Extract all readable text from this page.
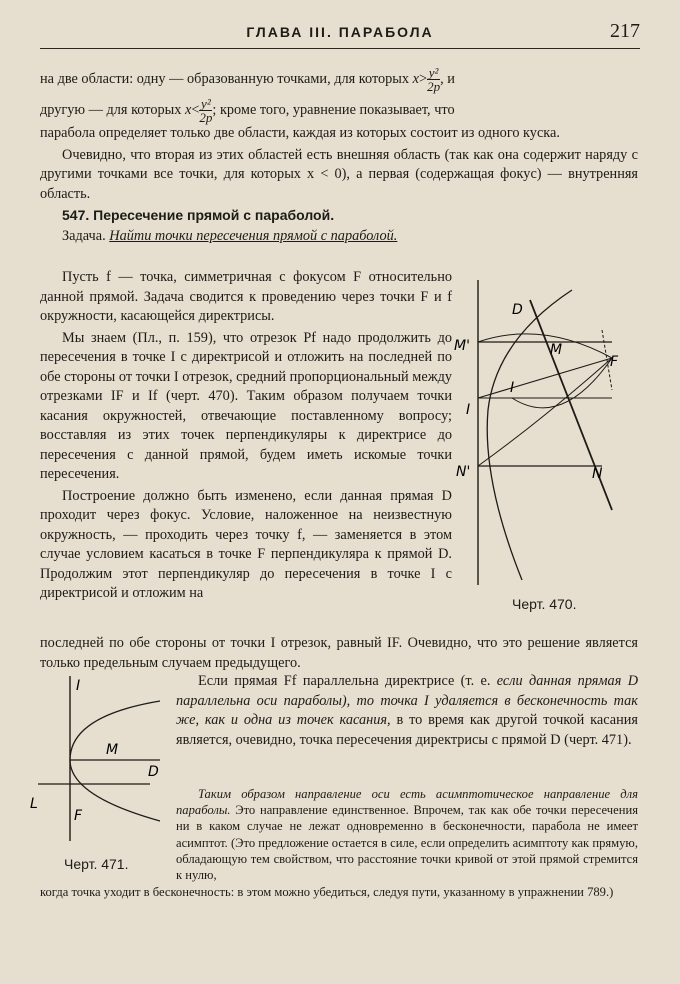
ГЛАВА III. ПАРАБОЛА	217

на две области: одну — образованную точками, для которых $x> \frac{\text{y²}}{2p}$ , и

другую — для которых $x< \frac{\text{y²}}{2p}$ ; кроме того, уравнение показывает, что

парабола определяет только две области, каждая из которых состоит из одного куска.

Очевидно, что вторая из этих областей есть внешняя область (так как она содержит наряду с другими точками все точки, для которых x < 0), а первая (содержащая фокус) — внутренняя область.

547. Пересечение прямой с параболой.

Задача. Найти точки пересечения прямой с параболой.

Пусть f — точка, симметричная с фокусом F относительно данной прямой. Задача сводится к проведению через точки F и f окружности, касающейся директрисы.

Мы знаем (Пл., п. 159), что отрезок Pf надо продолжить до пересечения в точке I с директрисой и отложить на последней по обе стороны от точки I отрезок, средний пропорциональный между отрезками IF и If (черт. 470). Таким образом получаем точки касания окружностей, отвечающие поставленному вопросу; восставляя из этих точек перпендикуляры к директрисе до пересечения с данной прямой, будем иметь искомые точки пересечения.

Построение должно быть изменено, если данная прямая D проходит через фокус. Условие, наложенное на неизвестную окружность, — проходить через точку f, — заменяется в этом случае условием касаться в точке F перпендикуляра к прямой D. Продолжим этот перпендикуляр до пересечения в точке I с директрисой и отложим на

D
M'	M
F
I
I
N'	N
Черт. 470.

последней по обе стороны от точки I отрезок, равный IF. Очевидно, что это решение является только предельным случаем предыдущего.

I
M
D
L
F
Черт. 471.

Если прямая Ff параллельна директрисе (т. е. если данная прямая D параллельна оси параболы), то точка I удаляется в бесконечность так же, как и одна из точек касания, в то время как другой точкой касания является, очевидно, точка пересечения директрисы с прямой D (черт. 471).

Таким образом направление оси есть асимптотическое направление для параболы. Это направление единственное. Впрочем, так как обе точки пересечения ни в каком случае не лежат одновременно в бесконечности, парабола не имеет асимптот. (Это предложение остается в силе, если определить асимптоту как прямую, обладающую тем свойством, что расстояние точки кривой от этой прямой стремится к нулю,

когда точка уходит в бесконечность: в этом можно убедиться, следуя пути, указанному в упражнении 789.)
